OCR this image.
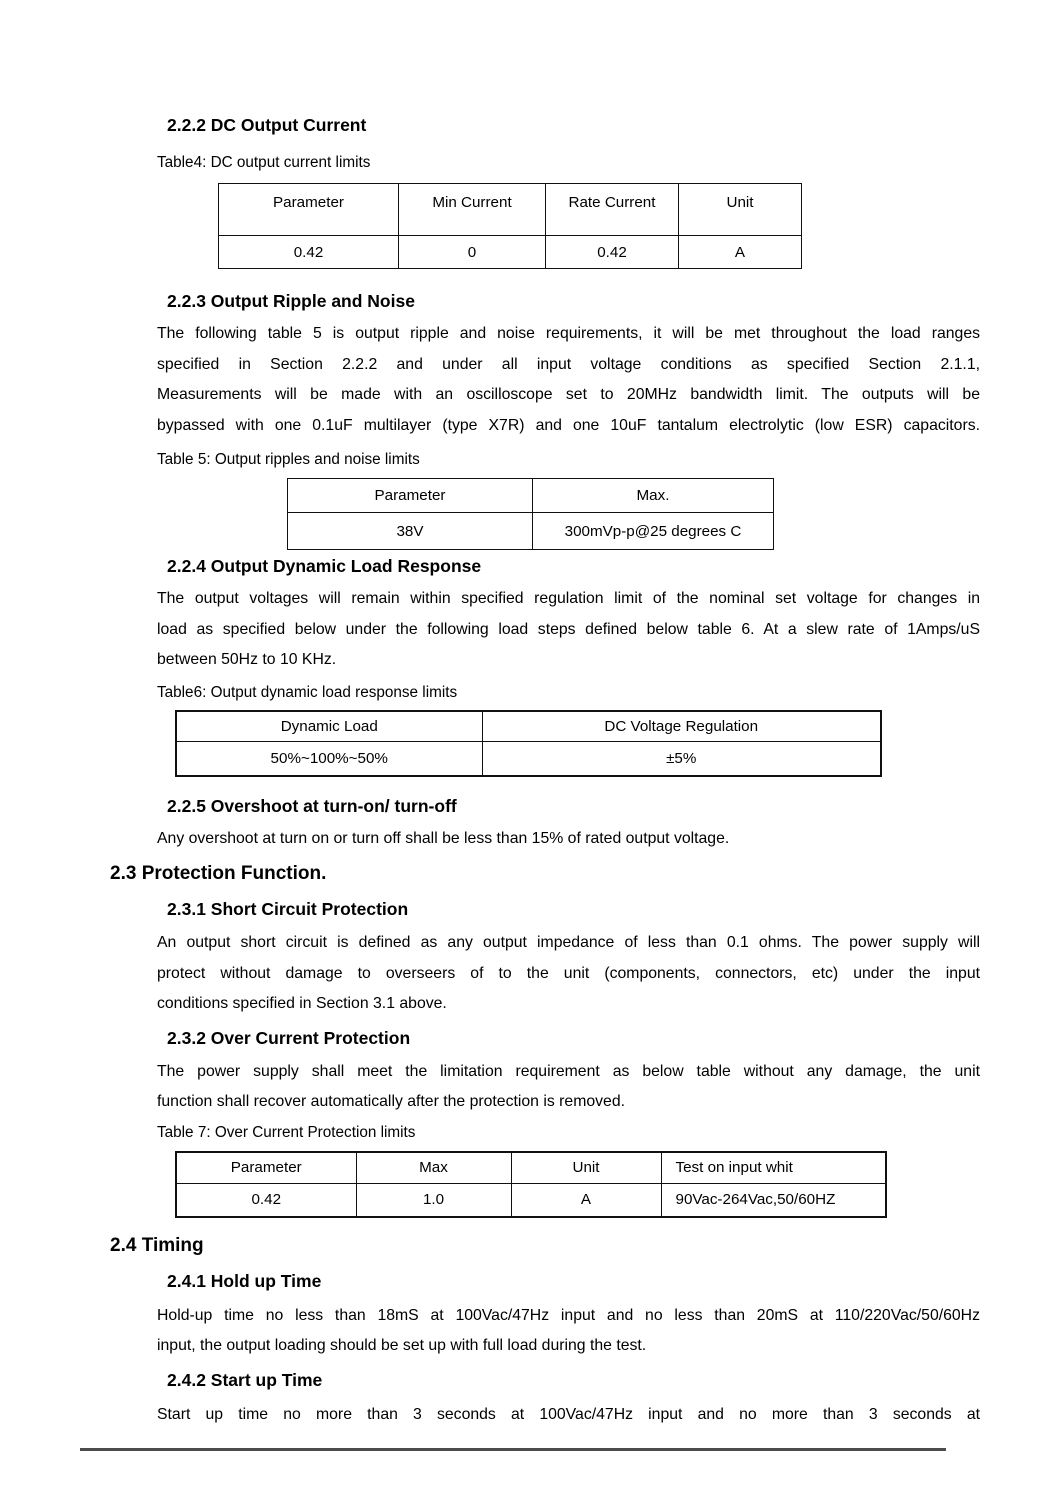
2.2.2 DC Output Current
Table4: DC output current limits
Parameter	Min Current	Rate Current	Unit
0.42	0	0.42	A
2.2.3 Output Ripple and Noise
The following table 5 is output ripple and noise requirements, it will be met throughout the load ranges
specified in Section 2.2.2 and under all input voltage conditions as specified Section 2.1.1,
Measurements will be made with an oscilloscope set to 20MHz bandwidth limit. The outputs will be
bypassed with one 0.1uF multilayer (type X7R) and one 10uF tantalum electrolytic (low ESR) capacitors.
Table 5: Output ripples and noise limits
Parameter	Max.
38V	300mVp-p@25 degrees C
2.2.4 Output Dynamic Load Response
The output voltages will remain within specified regulation limit of the nominal set voltage for changes in
load as specified below under the following load steps defined below table 6. At a slew rate of 1Amps/uS
between 50Hz to 10 KHz.
Table6: Output dynamic load response limits
Dynamic Load	DC Voltage Regulation
50%~100%~50%	±5%
2.2.5 Overshoot at turn-on/ turn-off
Any overshoot at turn on or turn off shall be less than 15% of rated output voltage.
2.3 Protection Function.
2.3.1 Short Circuit Protection
An output short circuit is defined as any output impedance of less than 0.1 ohms. The power supply will
protect without damage to overseers of to the unit (components, connectors, etc) under the input
conditions specified in Section 3.1 above.
2.3.2 Over Current Protection
The power supply shall meet the limitation requirement as below table without any damage, the unit
function shall recover automatically after the protection is removed.
Table 7: Over Current Protection limits
Parameter	Max	Unit	Test on input whit
0.42	1.0	A	90Vac-264Vac,50/60HZ
2.4 Timing
2.4.1 Hold up Time
Hold-up time no less than 18mS at 100Vac/47Hz input and no less than 20mS at 110/220Vac/50/60Hz
input, the output loading should be set up with full load during the test.
2.4.2 Start up Time
Start up time no more than 3 seconds at 100Vac/47Hz input and no more than 3 seconds at
